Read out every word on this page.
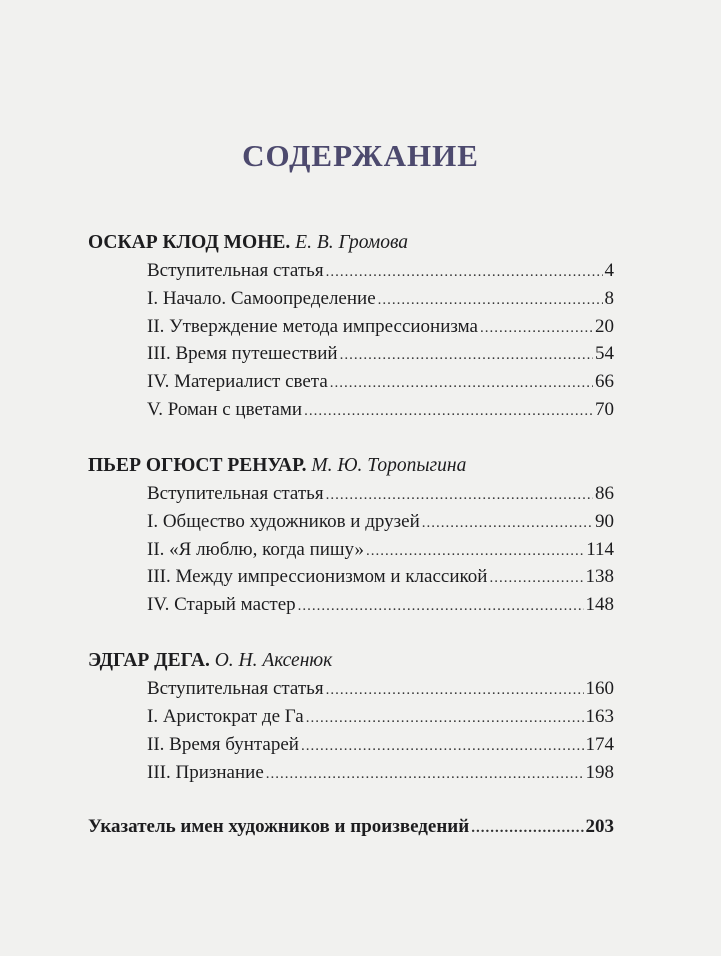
СОДЕРЖАНИЕ
ОСКАР КЛОД МОНЕ. Е. В. Громова
Вступительная статья .....	4
I. Начало. Самоопределение .....	8
II. Утверждение метода импрессионизма .....	20
III. Время путешествий .....	54
IV. Материалист света .....	66
V. Роман с цветами .....	70
ПЬЕР ОГЮСТ РЕНУАР. М. Ю. Торопыгина
Вступительная статья .....	86
I. Общество художников и друзей .....	90
II. «Я люблю, когда пишу» .....	114
III. Между импрессионизмом и классикой .....	138
IV. Старый мастер .....	148
ЭДГАР ДЕГА. О. Н. Аксенюк
Вступительная статья .....	160
I. Аристократ де Га .....	163
II. Время бунтарей .....	174
III. Признание .....	198
Указатель имен художников и произведений .....	203
